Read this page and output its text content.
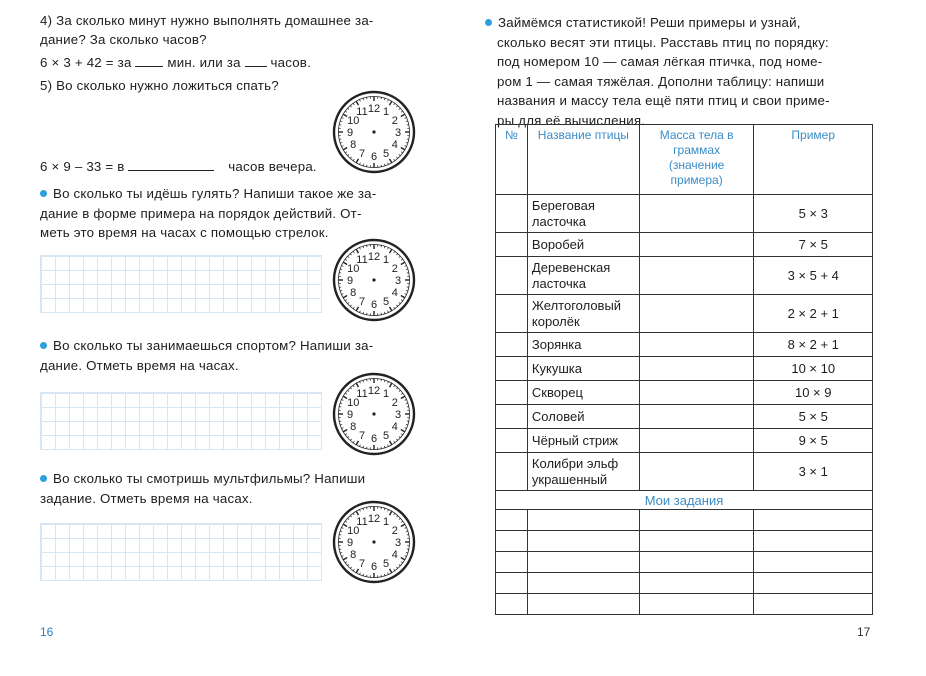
4) За сколько минут нужно выполнять домашнее за-
дание? За сколько часов?
6 × 3 + 42 = за	мин. или за часов.
5) Во сколько нужно ложиться спать?
6 × 9 – 33 = в	часов вечера.
Во сколько ты идёшь гулять? Напиши такое же за-
дание в форме примера на порядок действий. От-
меть это время на часах с помощью стрелок.
Во сколько ты занимаешься спортом? Напиши за-
дание. Отметь время на часах.
Во сколько ты смотришь мультфильмы? Напиши
задание. Отметь время на часах.
12 1
2
3
4
5
6
7
8
9
10
11
12 1
2
3
4
5
6
7
8
9
10
11
12 1
2
3
4
5
6
7
8
9
10
11
12 1
2
3
4
5
6
7
8
9
10
11
16
Займёмся статистикой! Реши примеры и узнай,
сколько весят эти птицы. Расставь птиц по порядку:
под номером 10 — самая лёгкая птичка, под номе-
ром 1 — самая тяжёлая. Дополни таблицу: напиши
названия и массу тела ещё пяти птиц и свои приме-
ры для её вычисления.
№	Название птицы	Масса тела в граммах (значение примера)	Пример
	Береговая ласточка		5 × 3
	Воробей		7 × 5
	Деревенская ласточка		3 × 5 + 4
	Желтоголовый королёк		2 × 2 + 1
	Зорянка		8 × 2 + 1
	Кукушка		10 × 10
	Скворец		10 × 9
	Соловей		5 × 5
	Чёрный стриж		9 × 5
	Колибри эльф украшенный		3 × 1
Мои задания			

17
